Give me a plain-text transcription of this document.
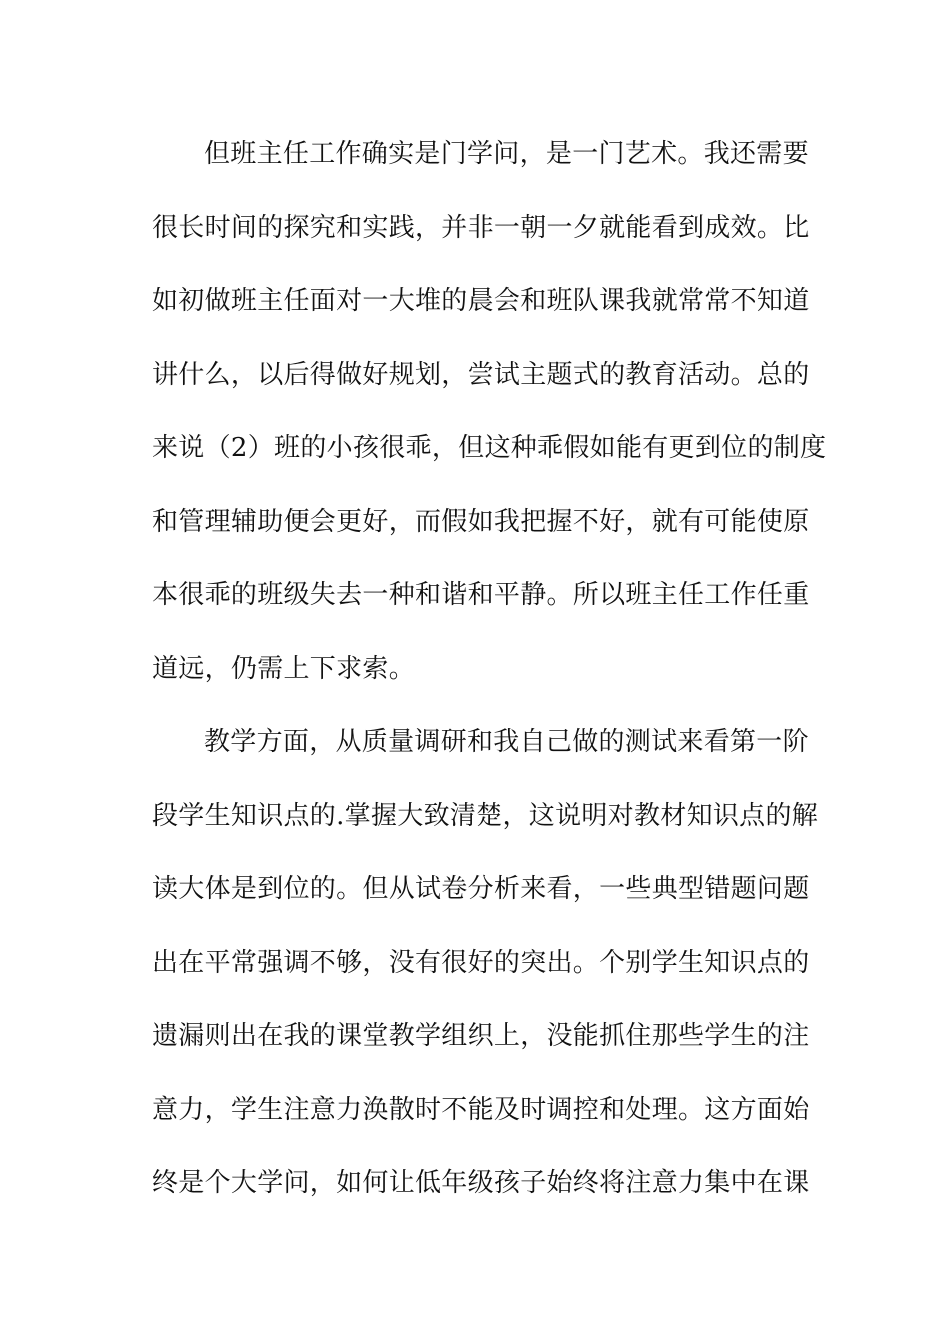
但班主任工作确实是门学问，是一门艺术。我还需要
很长时间的探究和实践，并非一朝一夕就能看到成效。比
如初做班主任面对一大堆的晨会和班队课我就常常不知道
讲什么，以后得做好规划，尝试主题式的教育活动。总的
来说（2）班的小孩很乖，但这种乖假如能有更到位的制度
和管理辅助便会更好，而假如我把握不好，就有可能使原
本很乖的班级失去一种和谐和平静。所以班主任工作任重
道远，仍需上下求索。
教学方面，从质量调研和我自己做的测试来看第一阶
段学生知识点的.掌握大致清楚，这说明对教材知识点的解
读大体是到位的。但从试卷分析来看，一些典型错题问题
出在平常强调不够，没有很好的突出。个别学生知识点的
遗漏则出在我的课堂教学组织上，没能抓住那些学生的注
意力，学生注意力涣散时不能及时调控和处理。这方面始
终是个大学问，如何让低年级孩子始终将注意力集中在课
